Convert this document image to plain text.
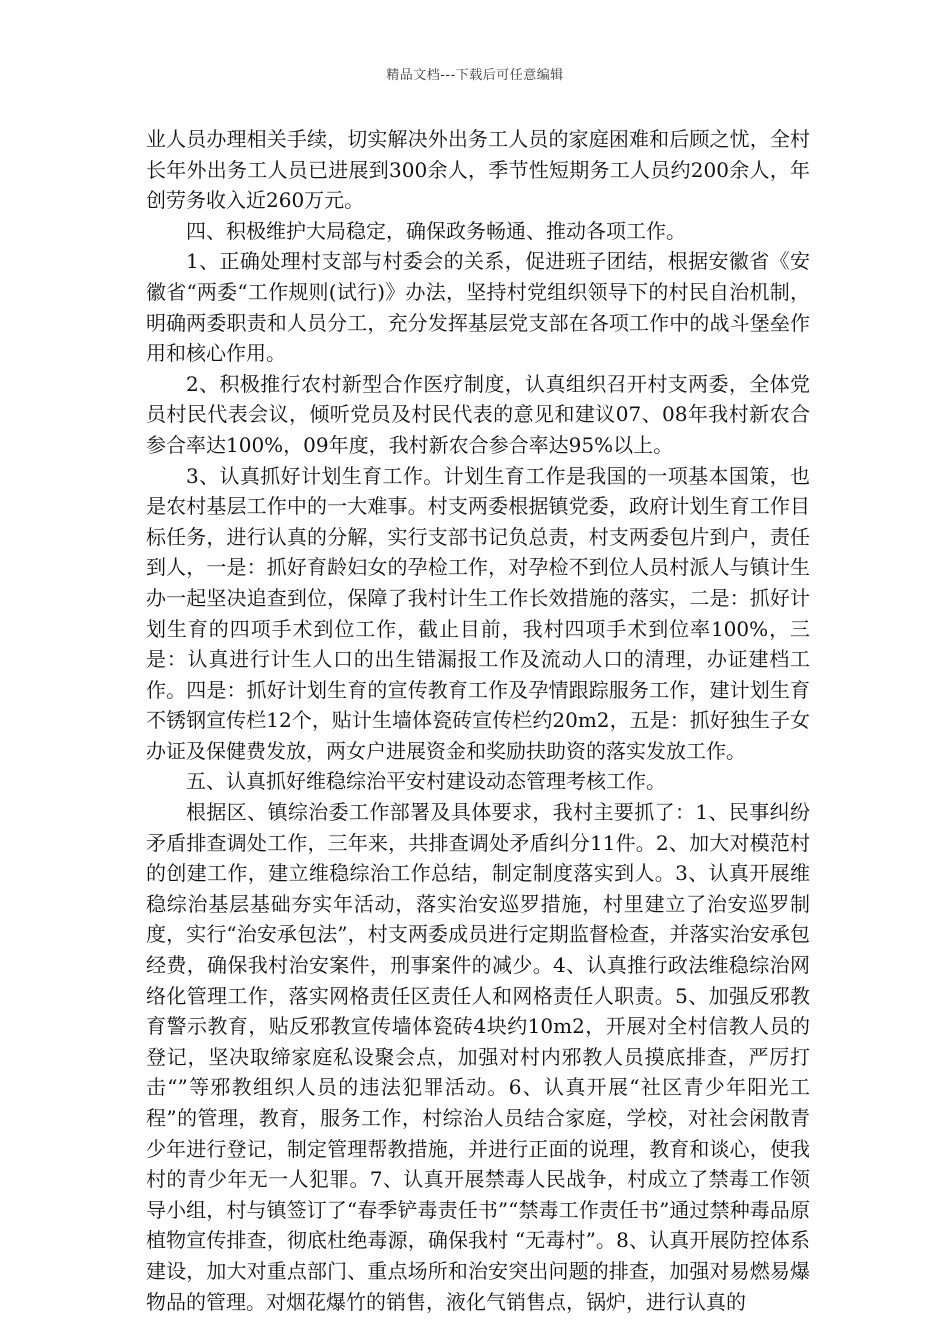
精品文档---下载后可任意编辑

业人员办理相关手续，切实解决外出务工人员的家庭困难和后顾之忧，全村长年外出务工人员已进展到300余人，季节性短期务工人员约200余人，年创劳务收入近260万元。

四、积极维护大局稳定，确保政务畅通、推动各项工作。

1、正确处理村支部与村委会的关系，促进班子团结，根据安徽省《安徽省“两委“工作规则(试行)》办法，坚持村党组织领导下的村民自治机制，明确两委职责和人员分工，充分发挥基层党支部在各项工作中的战斗堡垒作用和核心作用。

2、积极推行农村新型合作医疗制度，认真组织召开村支两委，全体党员村民代表会议，倾听党员及村民代表的意见和建议07、08年我村新农合参合率达100%，09年度，我村新农合参合率达95%以上。

3、认真抓好计划生育工作。计划生育工作是我国的一项基本国策，也是农村基层工作中的一大难事。村支两委根据镇党委，政府计划生育工作目标任务，进行认真的分解，实行支部书记负总责，村支两委包片到户，责任到人，一是：抓好育龄妇女的孕检工作，对孕检不到位人员村派人与镇计生办一起坚决追查到位，保障了我村计生工作长效措施的落实，二是：抓好计划生育的四项手术到位工作，截止目前，我村四项手术到位率100%，三是：认真进行计生人口的出生错漏报工作及流动人口的清理，办证建档工作。四是：抓好计划生育的宣传教育工作及孕情跟踪服务工作，建计划生育不锈钢宣传栏12个，贴计生墙体瓷砖宣传栏约20m2，五是：抓好独生子女办证及保健费发放，两女户进展资金和奖励扶助资的落实发放工作。

五、认真抓好维稳综治平安村建设动态管理考核工作。

根据区、镇综治委工作部署及具体要求，我村主要抓了：1、民事纠纷矛盾排查调处工作，三年来，共排查调处矛盾纠分11件。2、加大对模范村的创建工作，建立维稳综治工作总结，制定制度落实到人。3、认真开展维稳综治基层基础夯实年活动，落实治安巡罗措施，村里建立了治安巡罗制度，实行“治安承包法”，村支两委成员进行定期监督检查，并落实治安承包经费，确保我村治安案件，刑事案件的减少。4、认真推行政法维稳综治网络化管理工作，落实网格责任区责任人和网格责任人职责。5、加强反邪教育警示教育，贴反邪教宣传墙体瓷砖4块约10m2，开展对全村信教人员的登记，坚决取缔家庭私设聚会点，加强对村内邪教人员摸底排查，严厉打击“”等邪教组织人员的违法犯罪活动。6、认真开展“社区青少年阳光工程”的管理，教育，服务工作，村综治人员结合家庭，学校，对社会闲散青少年进行登记，制定管理帮教措施，并进行正面的说理，教育和谈心，使我村的青少年无一人犯罪。7、认真开展禁毒人民战争，村成立了禁毒工作领导小组，村与镇签订了“春季铲毒责任书”“禁毒工作责任书”通过禁种毒品原植物宣传排查，彻底杜绝毒源，确保我村 “无毒村”。8、认真开展防控体系建设，加大对重点部门、重点场所和治安突出问题的排查，加强对易燃易爆物品的管理。对烟花爆竹的销售，液化气销售点，锅炉，进行认真的
